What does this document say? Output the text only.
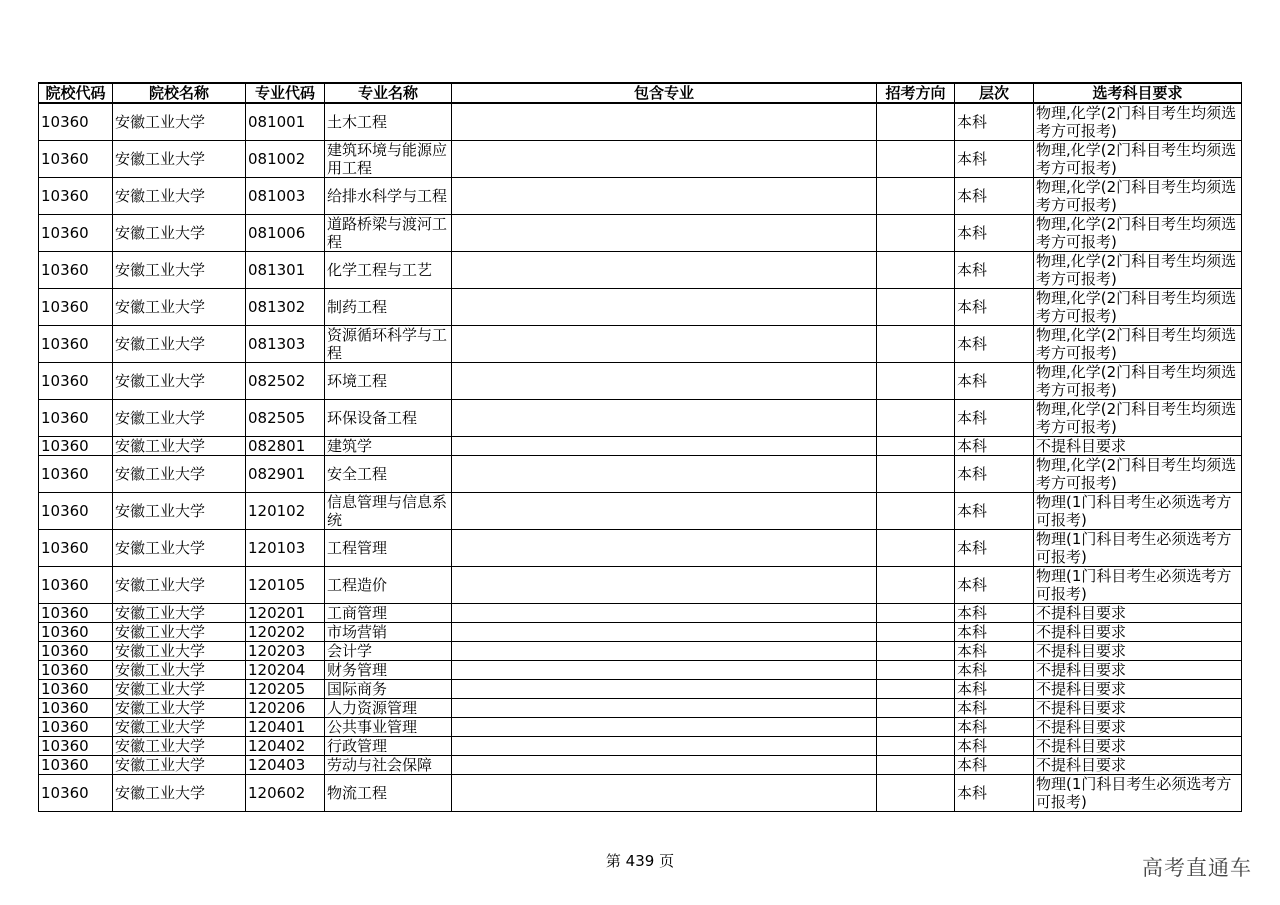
院校代码	院校名称	专业代码	专业名称	包含专业	招考方向	层次	选考科目要求
10360	安徽工业大学	081001	土木工程			本科	物理,化学(2门科目考生均须选考方可报考)
10360	安徽工业大学	081002	建筑环境与能源应用工程			本科	物理,化学(2门科目考生均须选考方可报考)
10360	安徽工业大学	081003	给排水科学与工程			本科	物理,化学(2门科目考生均须选考方可报考)
10360	安徽工业大学	081006	道路桥梁与渡河工程			本科	物理,化学(2门科目考生均须选考方可报考)
10360	安徽工业大学	081301	化学工程与工艺			本科	物理,化学(2门科目考生均须选考方可报考)
10360	安徽工业大学	081302	制药工程			本科	物理,化学(2门科目考生均须选考方可报考)
10360	安徽工业大学	081303	资源循环科学与工程			本科	物理,化学(2门科目考生均须选考方可报考)
10360	安徽工业大学	082502	环境工程			本科	物理,化学(2门科目考生均须选考方可报考)
10360	安徽工业大学	082505	环保设备工程			本科	物理,化学(2门科目考生均须选考方可报考)
10360	安徽工业大学	082801	建筑学			本科	不提科目要求
10360	安徽工业大学	082901	安全工程			本科	物理,化学(2门科目考生均须选考方可报考)
10360	安徽工业大学	120102	信息管理与信息系统			本科	物理(1门科目考生必须选考方可报考)
10360	安徽工业大学	120103	工程管理			本科	物理(1门科目考生必须选考方可报考)
10360	安徽工业大学	120105	工程造价			本科	物理(1门科目考生必须选考方可报考)
10360	安徽工业大学	120201	工商管理			本科	不提科目要求
10360	安徽工业大学	120202	市场营销			本科	不提科目要求
10360	安徽工业大学	120203	会计学			本科	不提科目要求
10360	安徽工业大学	120204	财务管理			本科	不提科目要求
10360	安徽工业大学	120205	国际商务			本科	不提科目要求
10360	安徽工业大学	120206	人力资源管理			本科	不提科目要求
10360	安徽工业大学	120401	公共事业管理			本科	不提科目要求
10360	安徽工业大学	120402	行政管理			本科	不提科目要求
10360	安徽工业大学	120403	劳动与社会保障			本科	不提科目要求
10360	安徽工业大学	120602	物流工程			本科	物理(1门科目考生必须选考方可报考)
第 439 页	高考直通车
